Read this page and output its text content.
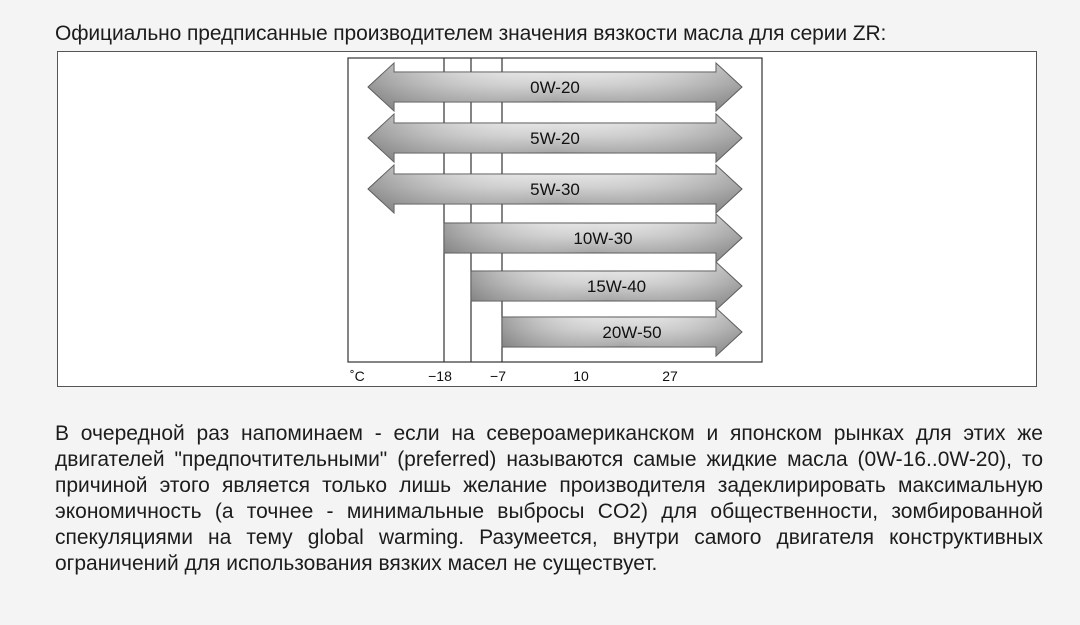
Официально предписанные производителем значения вязкости масла для серии ZR:
0W-20
5W-20
5W-30
10W-30
15W-40
20W-50
˚C	−18	−7	10	27

В очередной раз напоминаем - если на североамериканском и японском рынках для этих же двигателей "предпочтительными" (preferred) называются самые жидкие масла (0W-16..0W-20), то причиной этого является только лишь желание производителя задеклирировать максимальную экономичность (а точнее - минимальные выбросы CO2) для общественности, зомбированной спекуляциями на тему global warming. Разумеется, внутри самого двигателя конструктивных ограничений для использования вязких масел не существует.
